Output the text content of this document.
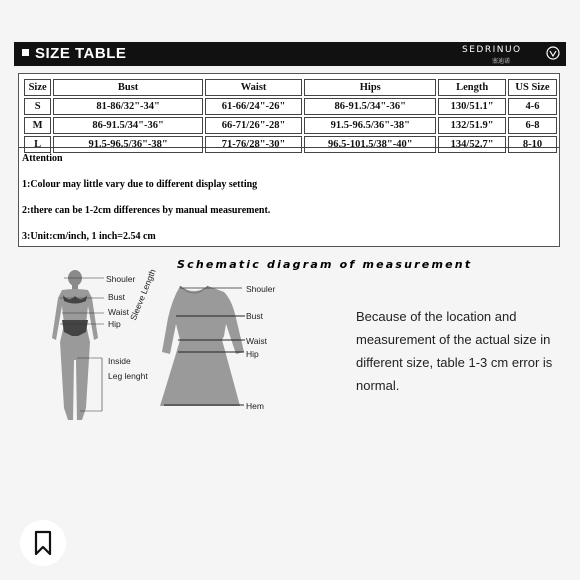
SIZE TABLE	SEDRINUO
塞迪诺
Size	Bust	Waist	Hips	Length	US Size
S	81-86/32"-34"	61-66/24"-26"	86-91.5/34"-36"	130/51.1"	4-6
M	86-91.5/34"-36"	66-71/26"-28"	91.5-96.5/36"-38"	132/51.9"	6-8
L	91.5-96.5/36"-38"	71-76/28"-30"	96.5-101.5/38"-40"	134/52.7"	8-10
Attention
1:Colour may little vary due to different display setting
2:there can be 1-2cm differences by manual measurement.
3:Unit:cm/inch, 1 inch=2.54 cm
Schematic diagram of measurement
Shouler
Bust
Waist
Hip
Inside
Leg lenght
Shouler
Sleeve Length	Bust
Waist
Hip
Hem
Because of the location and measurement of the actual size in different size, table 1-3 cm error is normal.
